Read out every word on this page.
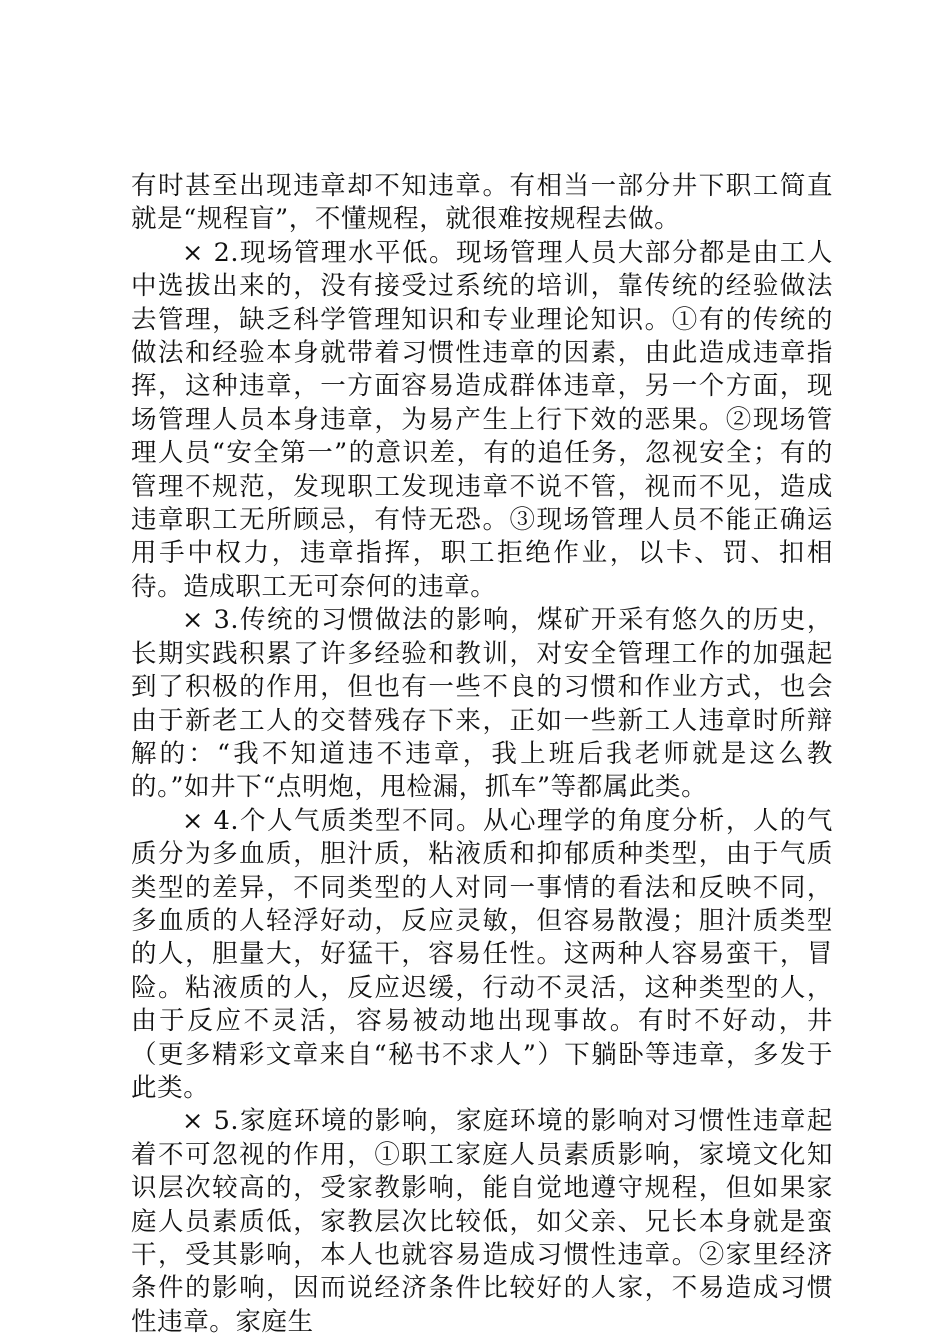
有时甚至出现违章却不知违章。有相当一部分井下职工简直就是“规程盲”，不懂规程，就很难按规程去做。

× 2.现场管理水平低。现场管理人员大部分都是由工人中选拔出来的，没有接受过系统的培训，靠传统的经验做法去管理，缺乏科学管理知识和专业理论知识。①有的传统的做法和经验本身就带着习惯性违章的因素，由此造成违章指挥，这种违章，一方面容易造成群体违章，另一个方面，现场管理人员本身违章，为易产生上行下效的恶果。②现场管理人员“安全第一”的意识差，有的追任务，忽视安全；有的管理不规范，发现职工发现违章不说不管，视而不见，造成违章职工无所顾忌，有恃无恐。③现场管理人员不能正确运用手中权力，违章指挥，职工拒绝作业，以卡、罚、扣相待。造成职工无可奈何的违章。

× 3.传统的习惯做法的影响，煤矿开采有悠久的历史，长期实践积累了许多经验和教训，对安全管理工作的加强起到了积极的作用，但也有一些不良的习惯和作业方式，也会由于新老工人的交替残存下来，正如一些新工人违章时所辩解的：“我不知道违不违章，我上班后我老师就是这么教的。”如井下“点明炮，甩检漏，抓车”等都属此类。

× 4.个人气质类型不同。从心理学的角度分析，人的气质分为多血质，胆汁质，粘液质和抑郁质种类型，由于气质类型的差异，不同类型的人对同一事情的看法和反映不同，多血质的人轻浮好动，反应灵敏，但容易散漫；胆汁质类型的人，胆量大，好猛干，容易任性。这两种人容易蛮干，冒险。粘液质的人，反应迟缓，行动不灵活，这种类型的人，由于反应不灵活，容易被动地出现事故。有时不好动，井（更多精彩文章来自“秘书不求人”）下躺卧等违章，多发于此类。

× 5.家庭环境的影响，家庭环境的影响对习惯性违章起着不可忽视的作用，①职工家庭人员素质影响，家境文化知识层次较高的，受家教影响，能自觉地遵守规程，但如果家庭人员素质低，家教层次比较低，如父亲、兄长本身就是蛮干，受其影响，本人也就容易造成习惯性违章。②家里经济条件的影响，因而说经济条件比较好的人家，不易造成习惯性违章。家庭生
